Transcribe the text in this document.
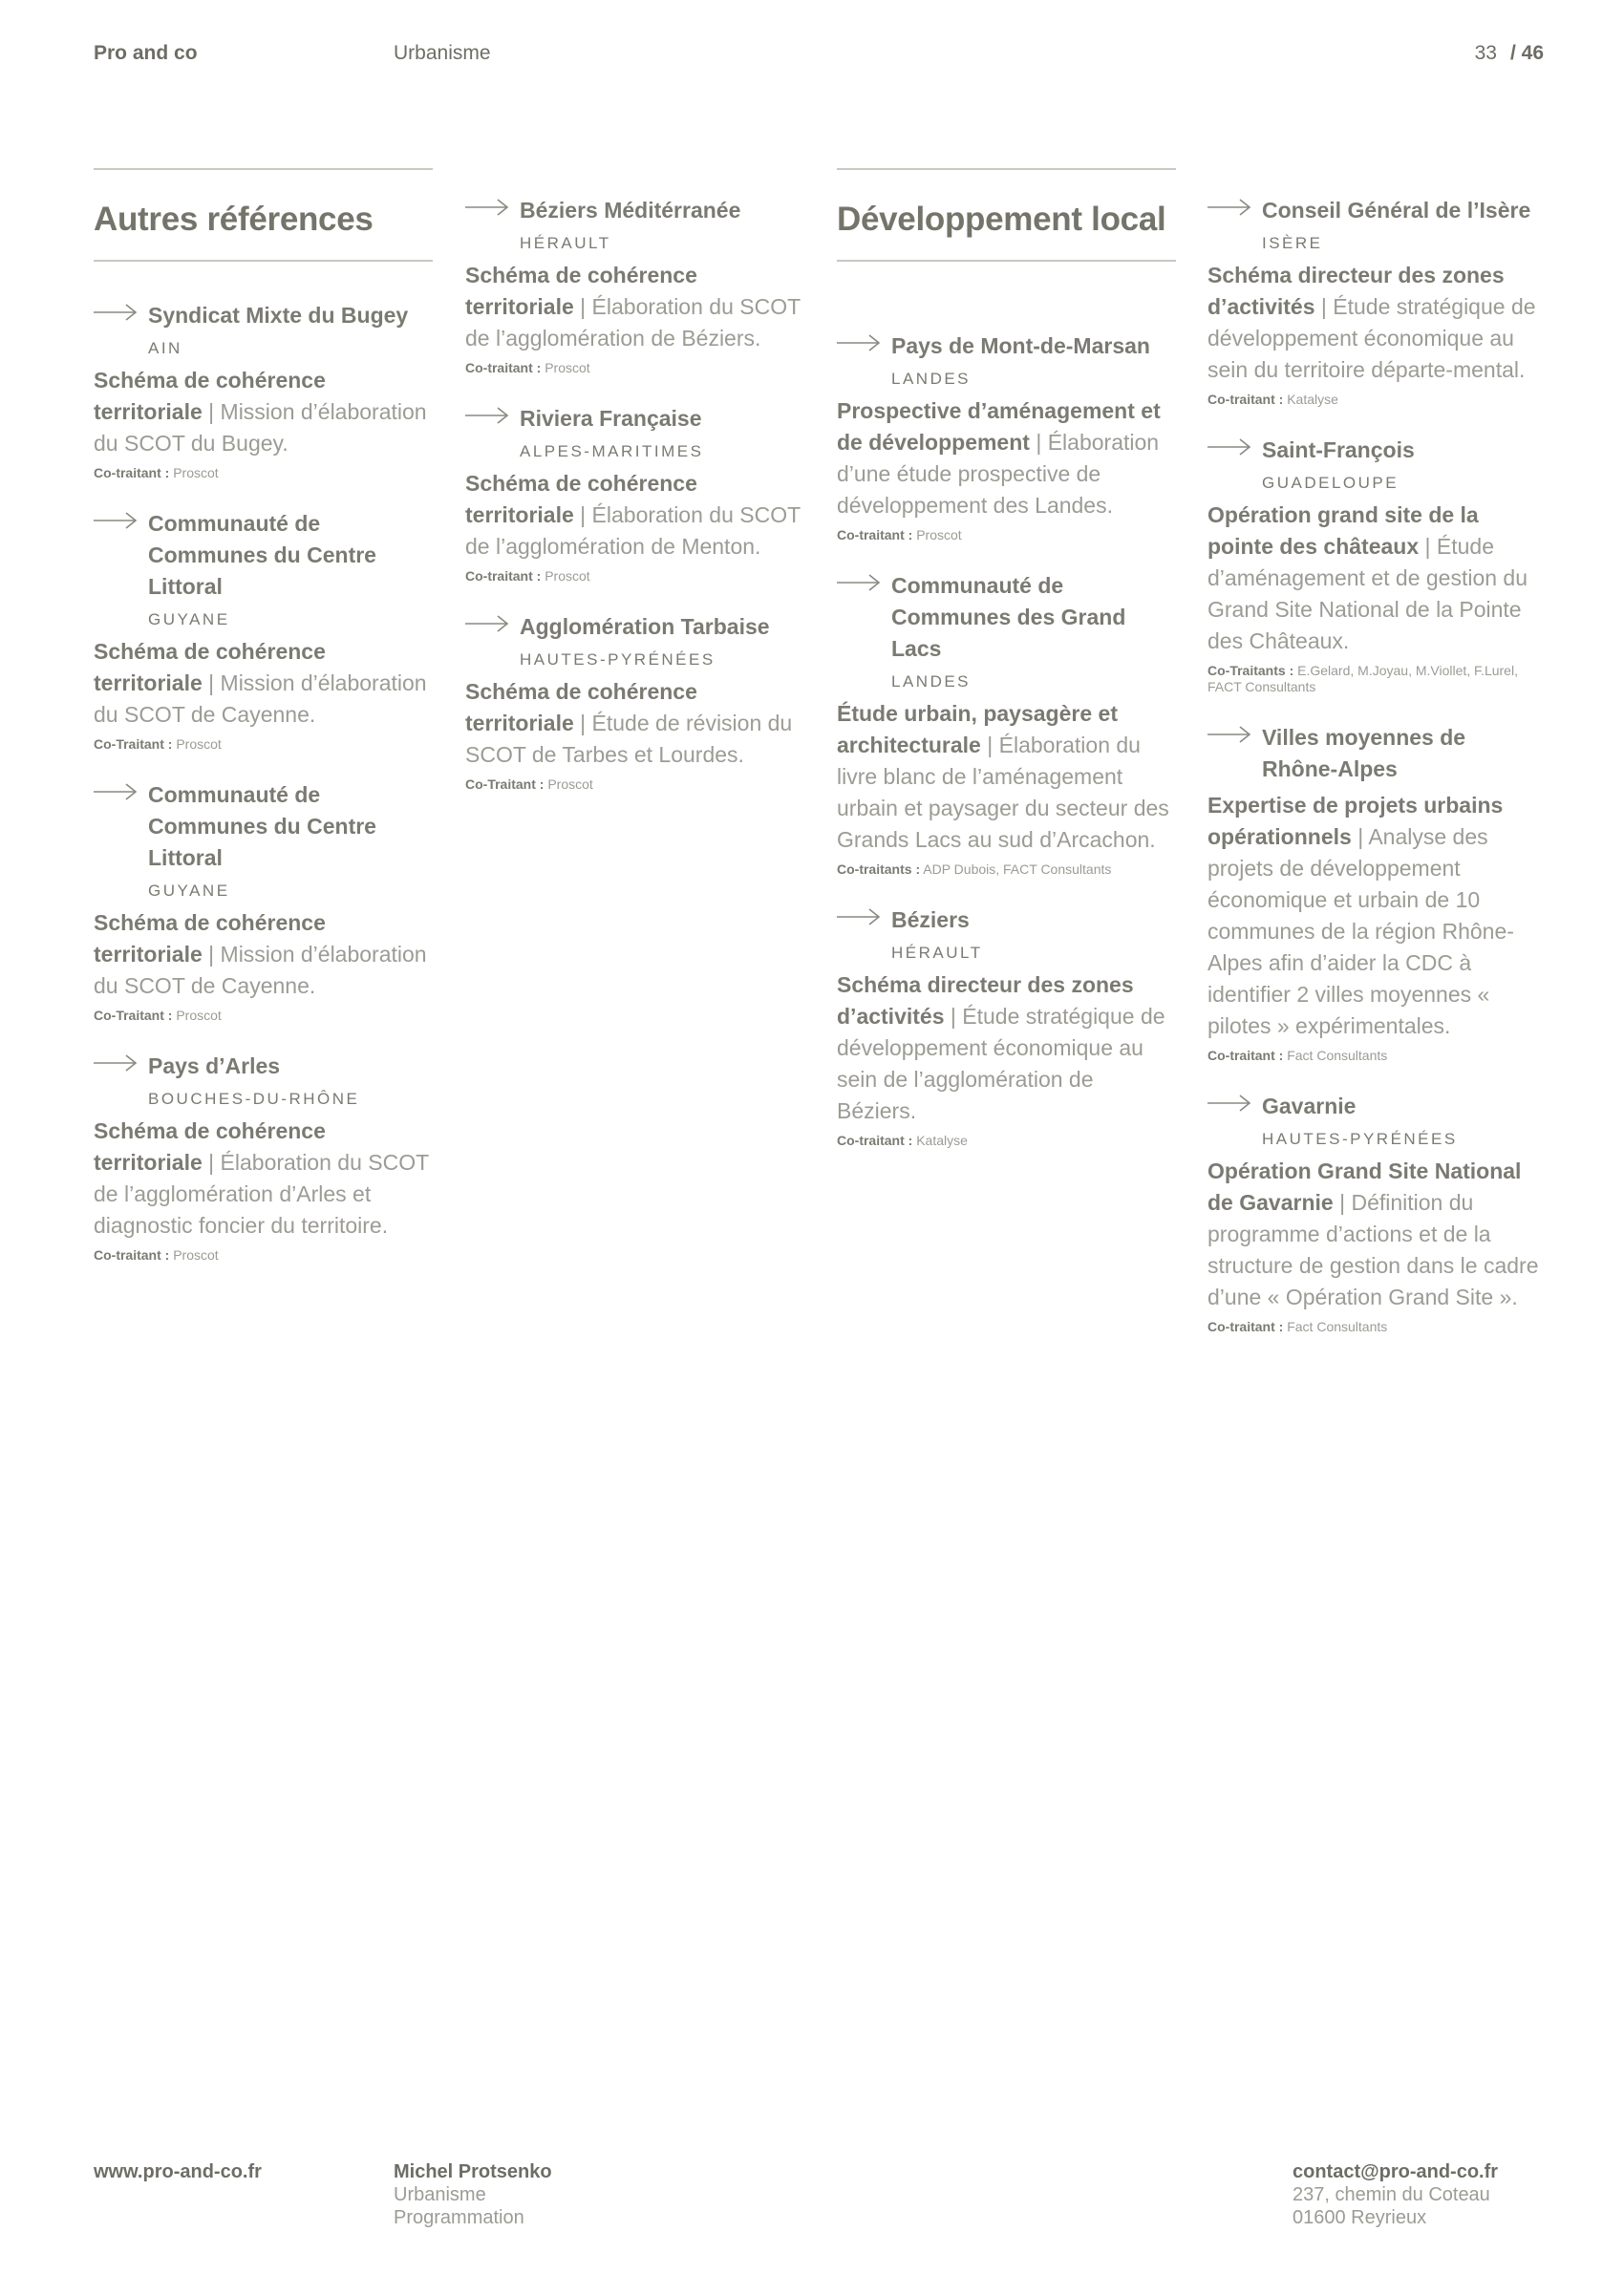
Pro and co	Urbanisme	33 / 46
Autres références
Syndicat Mixte du Bugey
AIN
Schéma de cohérence territoriale | Mission d’élaboration du SCOT du Bugey.
Co-traitant : Proscot
Communauté de Communes du Centre Littoral
GUYANE
Schéma de cohérence territoriale | Mission d’élaboration du SCOT de Cayenne.
Co-Traitant : Proscot
Communauté de Communes du Centre Littoral
GUYANE
Schéma de cohérence territoriale | Mission d’élaboration du SCOT de Cayenne.
Co-Traitant : Proscot
Pays d’Arles
BOUCHES-DU-RHÔNE
Schéma de cohérence territoriale | Élaboration du SCOT de l’agglomération d’Arles et diagnostic foncier du territoire.
Co-traitant : Proscot
Béziers Méditérranée
HÉRAULT
Schéma de cohérence territoriale | Élaboration du SCOT de l’agglomération de Béziers.
Co-traitant : Proscot
Riviera Française
ALPES-MARITIMES
Schéma de cohérence territoriale | Élaboration du SCOT de l’agglomération de Menton.
Co-traitant : Proscot
Agglomération Tarbaise
HAUTES-PYRÉNÉES
Schéma de cohérence territoriale | Étude de révision du SCOT de Tarbes et Lourdes.
Co-Traitant : Proscot
Développement local
Pays de Mont-de-Marsan
LANDES
Prospective d’aménagement et de développement | Élaboration d’une étude prospective de développement des Landes.
Co-traitant : Proscot
Communauté de Communes des Grand Lacs
LANDES
Étude urbain, paysagère et architecturale | Élaboration du livre blanc de l’aménagement urbain et paysager du secteur des Grands Lacs au sud d’Arcachon.
Co-traitants : ADP Dubois, FACT Consultants
Béziers
HÉRAULT
Schéma directeur des zones d’activités | Étude stratégique de développement économique au sein de l’agglomération de Béziers.
Co-traitant : Katalyse
Conseil Général de l’Isère
ISÈRE
Schéma directeur des zones d’activités | Étude stratégique de développement économique au sein du territoire départe-mental.
Co-traitant : Katalyse
Saint-François
GUADELOUPE
Opération grand site de la pointe des châteaux | Étude d’aménagement et de gestion du Grand Site National de la Pointe des Châteaux.
Co-Traitants : E.Gelard, M.Joyau, M.Viollet, F.Lurel, FACT Consultants
Villes moyennes de Rhône-Alpes
Expertise de projets urbains opérationnels | Analyse des projets de développement économique et urbain de 10 communes de la région Rhône-Alpes afin d’aider la CDC à identifier 2 villes moyennes « pilotes » expérimentales.
Co-traitant : Fact Consultants
Gavarnie
HAUTES-PYRÉNÉES
Opération Grand Site National de Gavarnie | Définition du programme d’actions et de la structure de gestion dans le cadre d’une « Opération Grand Site ».
Co-traitant : Fact Consultants
www.pro-and-co.fr	Michel Protsenko
Urbanisme
Programmation
contact@pro-and-co.fr
237, chemin du Coteau
01600 Reyrieux
